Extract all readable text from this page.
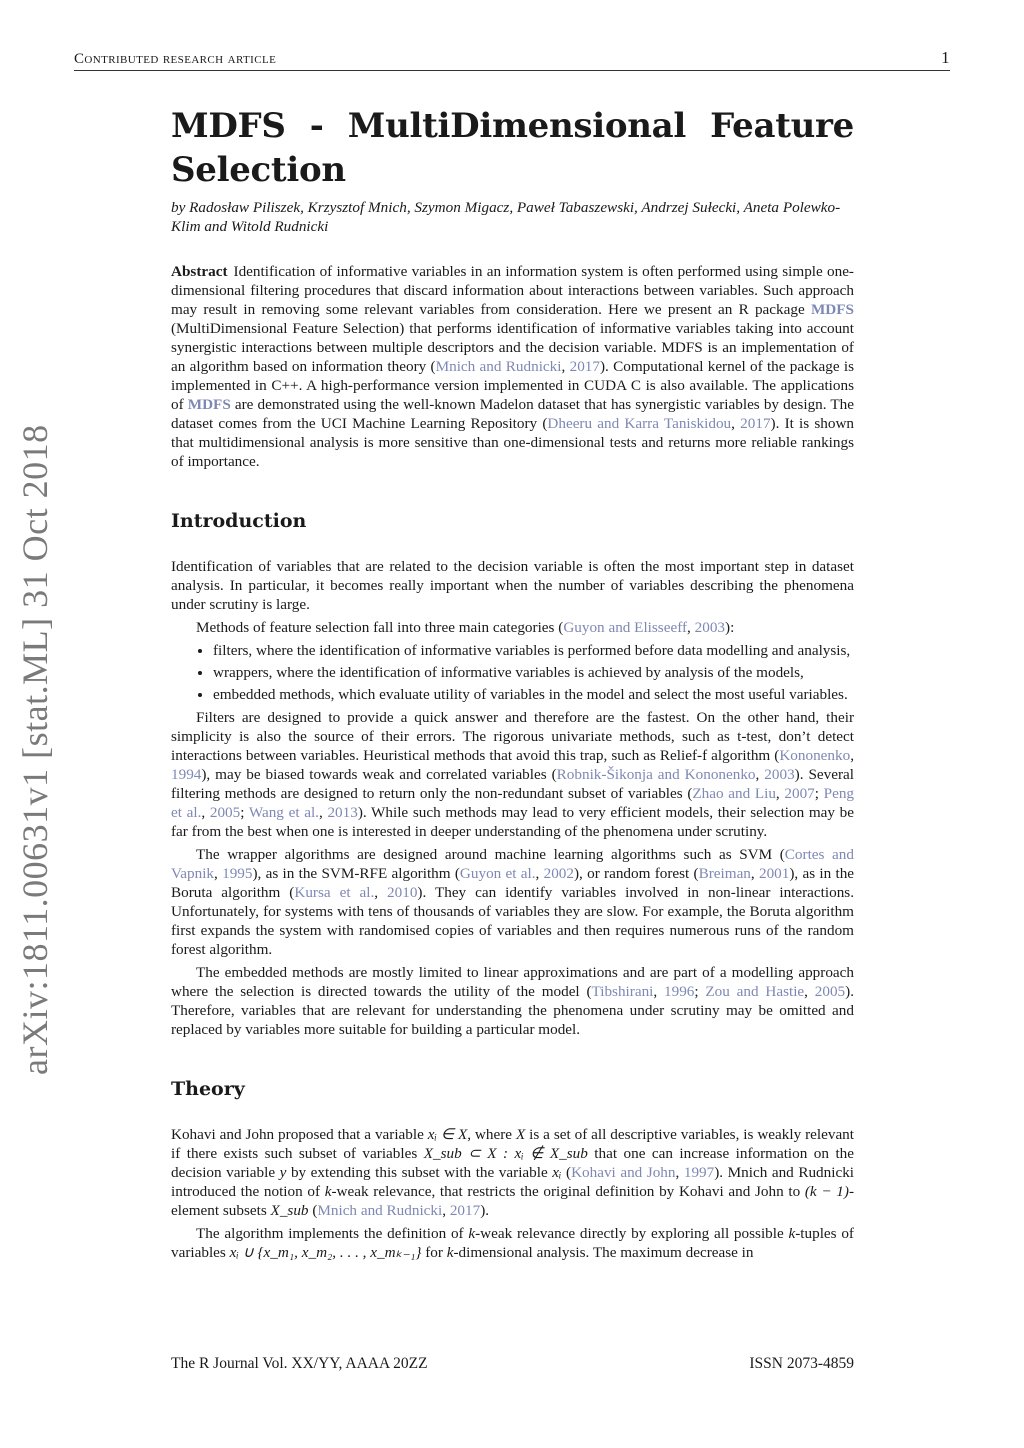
Contributed research article	1
arXiv:1811.00631v1 [stat.ML] 31 Oct 2018
MDFS - MultiDimensional Feature Selection
by Radosław Piliszek, Krzysztof Mnich, Szymon Migacz, Paweł Tabaszewski, Andrzej Sułecki, Aneta Polewko-Klim and Witold Rudnicki

Abstract Identification of informative variables in an information system is often performed using simple one-dimensional filtering procedures that discard information about interactions between variables. Such approach may result in removing some relevant variables from consideration. Here we present an R package MDFS (MultiDimensional Feature Selection) that performs identification of informative variables taking into account synergistic interactions between multiple descriptors and the decision variable. MDFS is an implementation of an algorithm based on information theory (Mnich and Rudnicki, 2017). Computational kernel of the package is implemented in C++. A high-performance version implemented in CUDA C is also available. The applications of MDFS are demonstrated using the well-known Madelon dataset that has synergistic variables by design. The dataset comes from the UCI Machine Learning Repository (Dheeru and Karra Taniskidou, 2017). It is shown that multidimensional analysis is more sensitive than one-dimensional tests and returns more reliable rankings of importance.

Introduction

Identification of variables that are related to the decision variable is often the most important step in dataset analysis. In particular, it becomes really important when the number of variables describing the phenomena under scrutiny is large.

Methods of feature selection fall into three main categories (Guyon and Elisseeff, 2003):

• filters, where the identification of informative variables is performed before data modelling and analysis,
• wrappers, where the identification of informative variables is achieved by analysis of the models,
• embedded methods, which evaluate utility of variables in the model and select the most useful variables.

Filters are designed to provide a quick answer and therefore are the fastest. On the other hand, their simplicity is also the source of their errors. The rigorous univariate methods, such as t-test, don’t detect interactions between variables. Heuristical methods that avoid this trap, such as Relief-f algorithm (Kononenko, 1994), may be biased towards weak and correlated variables (Robnik-Šikonja and Kononenko, 2003). Several filtering methods are designed to return only the non-redundant subset of variables (Zhao and Liu, 2007; Peng et al., 2005; Wang et al., 2013). While such methods may lead to very efficient models, their selection may be far from the best when one is interested in deeper understanding of the phenomena under scrutiny.

The wrapper algorithms are designed around machine learning algorithms such as SVM (Cortes and Vapnik, 1995), as in the SVM-RFE algorithm (Guyon et al., 2002), or random forest (Breiman, 2001), as in the Boruta algorithm (Kursa et al., 2010). They can identify variables involved in non-linear interactions. Unfortunately, for systems with tens of thousands of variables they are slow. For example, the Boruta algorithm first expands the system with randomised copies of variables and then requires numerous runs of the random forest algorithm.

The embedded methods are mostly limited to linear approximations and are part of a modelling approach where the selection is directed towards the utility of the model (Tibshirani, 1996; Zou and Hastie, 2005). Therefore, variables that are relevant for understanding the phenomena under scrutiny may be omitted and replaced by variables more suitable for building a particular model.

Theory

Kohavi and John proposed that a variable xᵢ ∈ X, where X is a set of all descriptive variables, is weakly relevant if there exists such subset of variables X_sub ⊂ X : xᵢ ∉ X_sub that one can increase information on the decision variable y by extending this subset with the variable xᵢ (Kohavi and John, 1997). Mnich and Rudnicki introduced the notion of k-weak relevance, that restricts the original definition by Kohavi and John to (k − 1)-element subsets X_sub (Mnich and Rudnicki, 2017).

The algorithm implements the definition of k-weak relevance directly by exploring all possible k-tuples of variables xᵢ ∪ {x_m₁, x_m₂, . . . , x_mₖ₋₁} for k-dimensional analysis. The maximum decrease in

The R Journal Vol. XX/YY, AAAA 20ZZ	ISSN 2073-4859
